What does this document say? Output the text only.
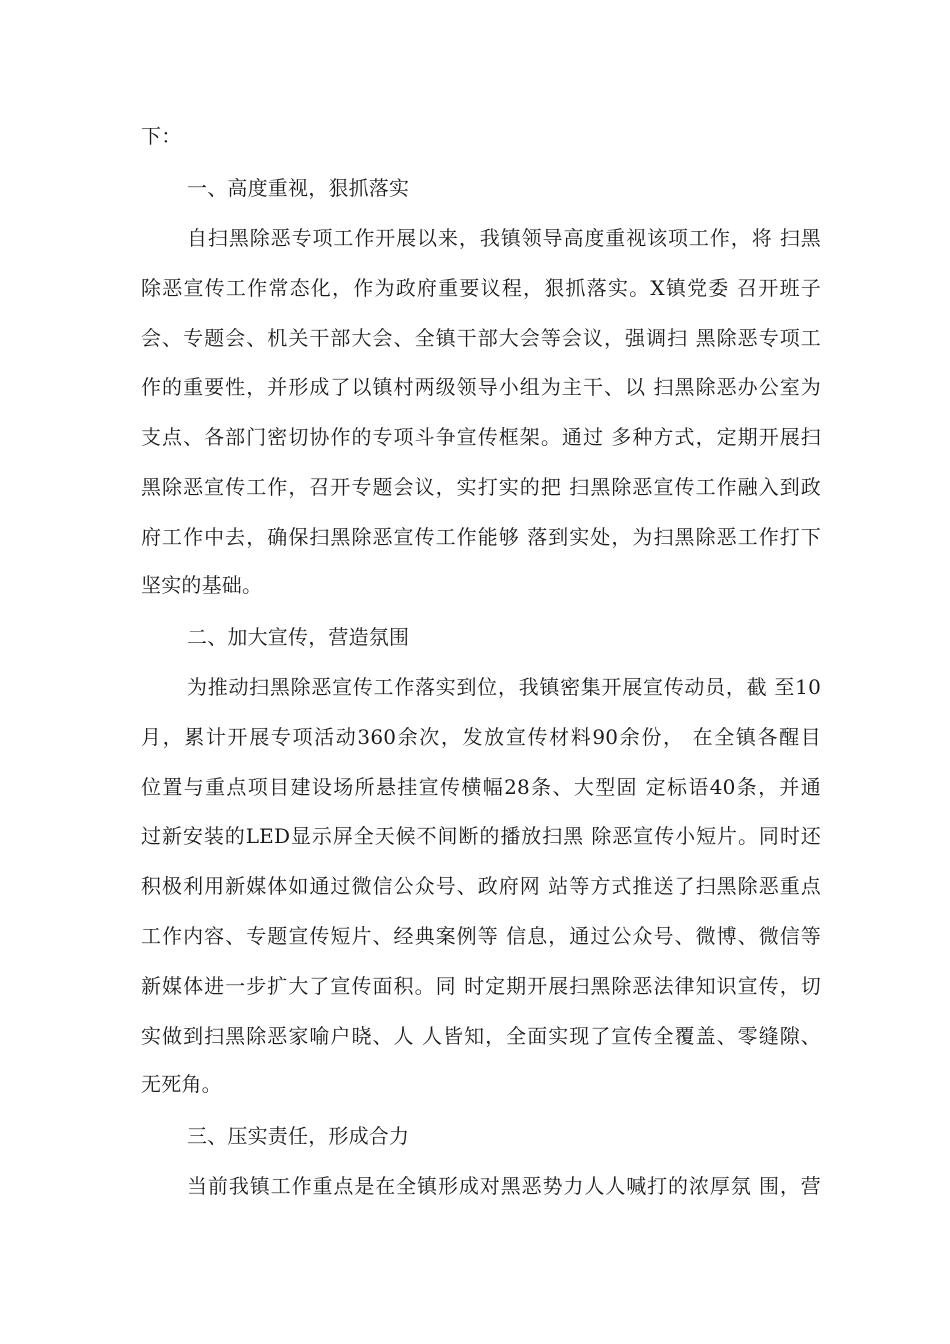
下：
一、高度重视，狠抓落实
自扫黑除恶专项工作开展以来，我镇领导高度重视该项工作，将 扫黑
除恶宣传工作常态化，作为政府重要议程，狠抓落实。X镇党委 召开班子
会、专题会、机关干部大会、全镇干部大会等会议，强调扫 黑除恶专项工
作的重要性，并形成了以镇村两级领导小组为主干、以 扫黑除恶办公室为
支点、各部门密切协作的专项斗争宣传框架。通过 多种方式，定期开展扫
黑除恶宣传工作，召开专题会议，实打实的把 扫黑除恶宣传工作融入到政
府工作中去，确保扫黑除恶宣传工作能够 落到实处，为扫黑除恶工作打下
坚实的基础。
二、加大宣传，营造氛围
为推动扫黑除恶宣传工作落实到位，我镇密集开展宣传动员，截 至10
月，累计开展专项活动360余次，发放宣传材料90余份， 在全镇各醒目
位置与重点项目建设场所悬挂宣传横幅28条、大型固 定标语40条，并通
过新安装的LED显示屏全天候不间断的播放扫黑 除恶宣传小短片。同时还
积极利用新媒体如通过微信公众号、政府网 站等方式推送了扫黑除恶重点
工作内容、专题宣传短片、经典案例等 信息，通过公众号、微博、微信等
新媒体进一步扩大了宣传面积。同 时定期开展扫黑除恶法律知识宣传，切
实做到扫黑除恶家喻户晓、人 人皆知，全面实现了宣传全覆盖、零缝隙、
无死角。
三、压实责任，形成合力
当前我镇工作重点是在全镇形成对黑恶势力人人喊打的浓厚氛 围，营
